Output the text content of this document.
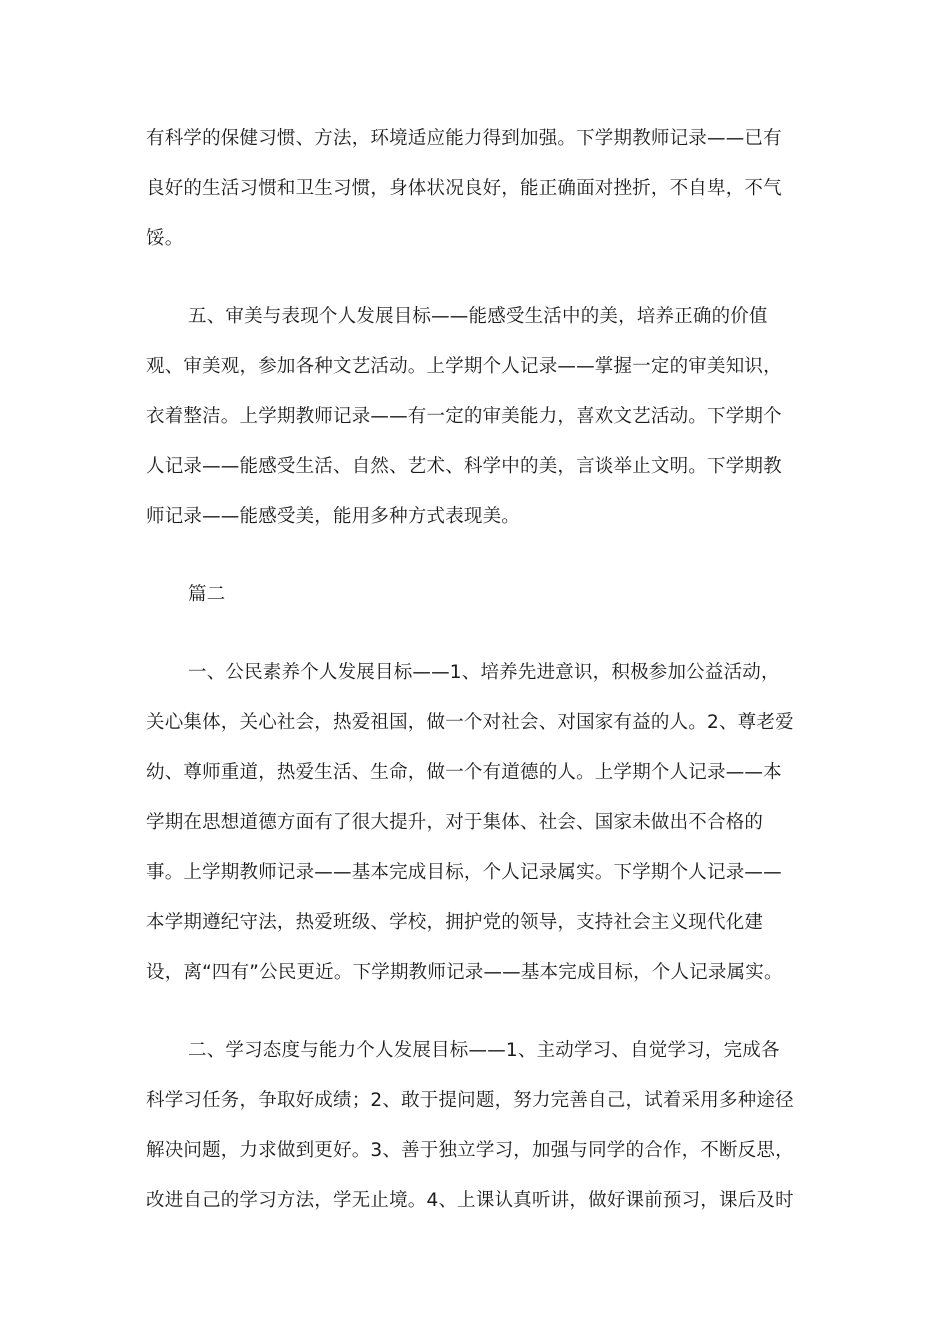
有科学的保健习惯、方法，环境适应能力得到加强。下学期教师记录——已有
良好的生活习惯和卫生习惯，身体状况良好，能正确面对挫折，不自卑，不气
馁。
五、审美与表现个人发展目标——能感受生活中的美，培养正确的价值
观、审美观，参加各种文艺活动。上学期个人记录——掌握一定的审美知识，
衣着整洁。上学期教师记录——有一定的审美能力，喜欢文艺活动。下学期个
人记录——能感受生活、自然、艺术、科学中的美，言谈举止文明。下学期教
师记录——能感受美，能用多种方式表现美。
篇二
一、公民素养个人发展目标——1、培养先进意识，积极参加公益活动，
关心集体，关心社会，热爱祖国，做一个对社会、对国家有益的人。2、尊老爱
幼、尊师重道，热爱生活、生命，做一个有道德的人。上学期个人记录——本
学期在思想道德方面有了很大提升，对于集体、社会、国家未做出不合格的
事。上学期教师记录——基本完成目标，个人记录属实。下学期个人记录——
本学期遵纪守法，热爱班级、学校，拥护党的领导，支持社会主义现代化建
设，离“四有”公民更近。下学期教师记录——基本完成目标，个人记录属实。
二、学习态度与能力个人发展目标——1、主动学习、自觉学习，完成各
科学习任务，争取好成绩；2、敢于提问题，努力完善自己，试着采用多种途径
解决问题，力求做到更好。3、善于独立学习，加强与同学的合作，不断反思，
改进自己的学习方法，学无止境。4、上课认真听讲，做好课前预习，课后及时
